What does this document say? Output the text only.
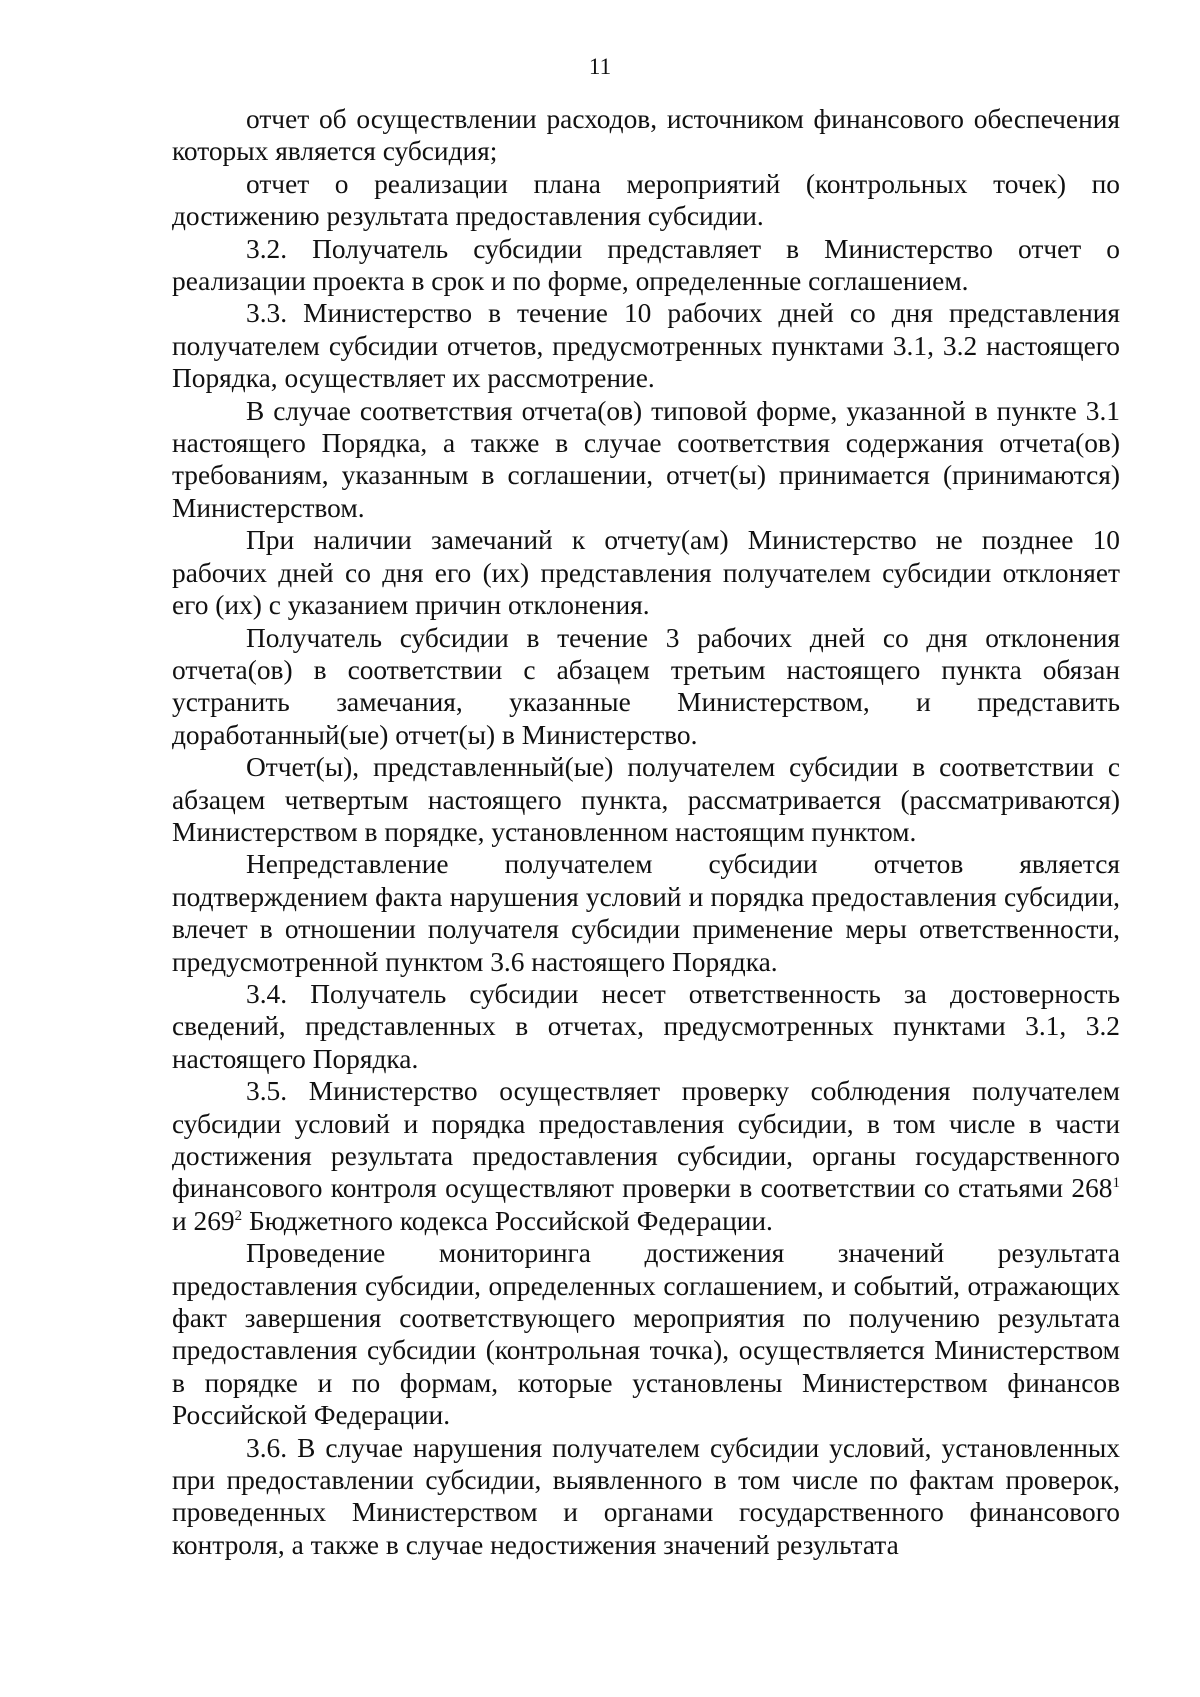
11

отчет об осуществлении расходов, источником финансового обеспечения которых является субсидия;

отчет о реализации плана мероприятий (контрольных точек) по достижению результата предоставления субсидии.

3.2. Получатель субсидии представляет в Министерство отчет о реализации проекта в срок и по форме, определенные соглашением.

3.3. Министерство в течение 10 рабочих дней со дня представления получателем субсидии отчетов, предусмотренных пунктами 3.1, 3.2 настоящего Порядка, осуществляет их рассмотрение.

В случае соответствия отчета(ов) типовой форме, указанной в пункте 3.1 настоящего Порядка, а также в случае соответствия содержания отчета(ов) требованиям, указанным в соглашении, отчет(ы) принимается (принимаются) Министерством.

При наличии замечаний к отчету(ам) Министерство не позднее 10 рабочих дней со дня его (их) представления получателем субсидии отклоняет его (их) с указанием причин отклонения.

Получатель субсидии в течение 3 рабочих дней со дня отклонения отчета(ов) в соответствии с абзацем третьим настоящего пункта обязан устранить замечания, указанные Министерством, и представить доработанный(ые) отчет(ы) в Министерство.

Отчет(ы), представленный(ые) получателем субсидии в соответствии с абзацем четвертым настоящего пункта, рассматривается (рассматриваются) Министерством в порядке, установленном настоящим пунктом.

Непредставление получателем субсидии отчетов является подтверждением факта нарушения условий и порядка предоставления субсидии, влечет в отношении получателя субсидии применение меры ответственности, предусмотренной пунктом 3.6 настоящего Порядка.

3.4. Получатель субсидии несет ответственность за достоверность сведений, представленных в отчетах, предусмотренных пунктами 3.1, 3.2 настоящего Порядка.

3.5. Министерство осуществляет проверку соблюдения получателем субсидии условий и порядка предоставления субсидии, в том числе в части достижения результата предоставления субсидии, органы государственного финансового контроля осуществляют проверки в соответствии со статьями $268^1$ и $269^2$ Бюджетного кодекса Российской Федерации.

Проведение мониторинга достижения значений результата предоставления субсидии, определенных соглашением, и событий, отражающих факт завершения соответствующего мероприятия по получению результата предоставления субсидии (контрольная точка), осуществляется Министерством в порядке и по формам, которые установлены Министерством финансов Российской Федерации.

3.6. В случае нарушения получателем субсидии условий, установленных при предоставлении субсидии, выявленного в том числе по фактам проверок, проведенных Министерством и органами государственного финансового контроля, а также в случае недостижения значений результата
